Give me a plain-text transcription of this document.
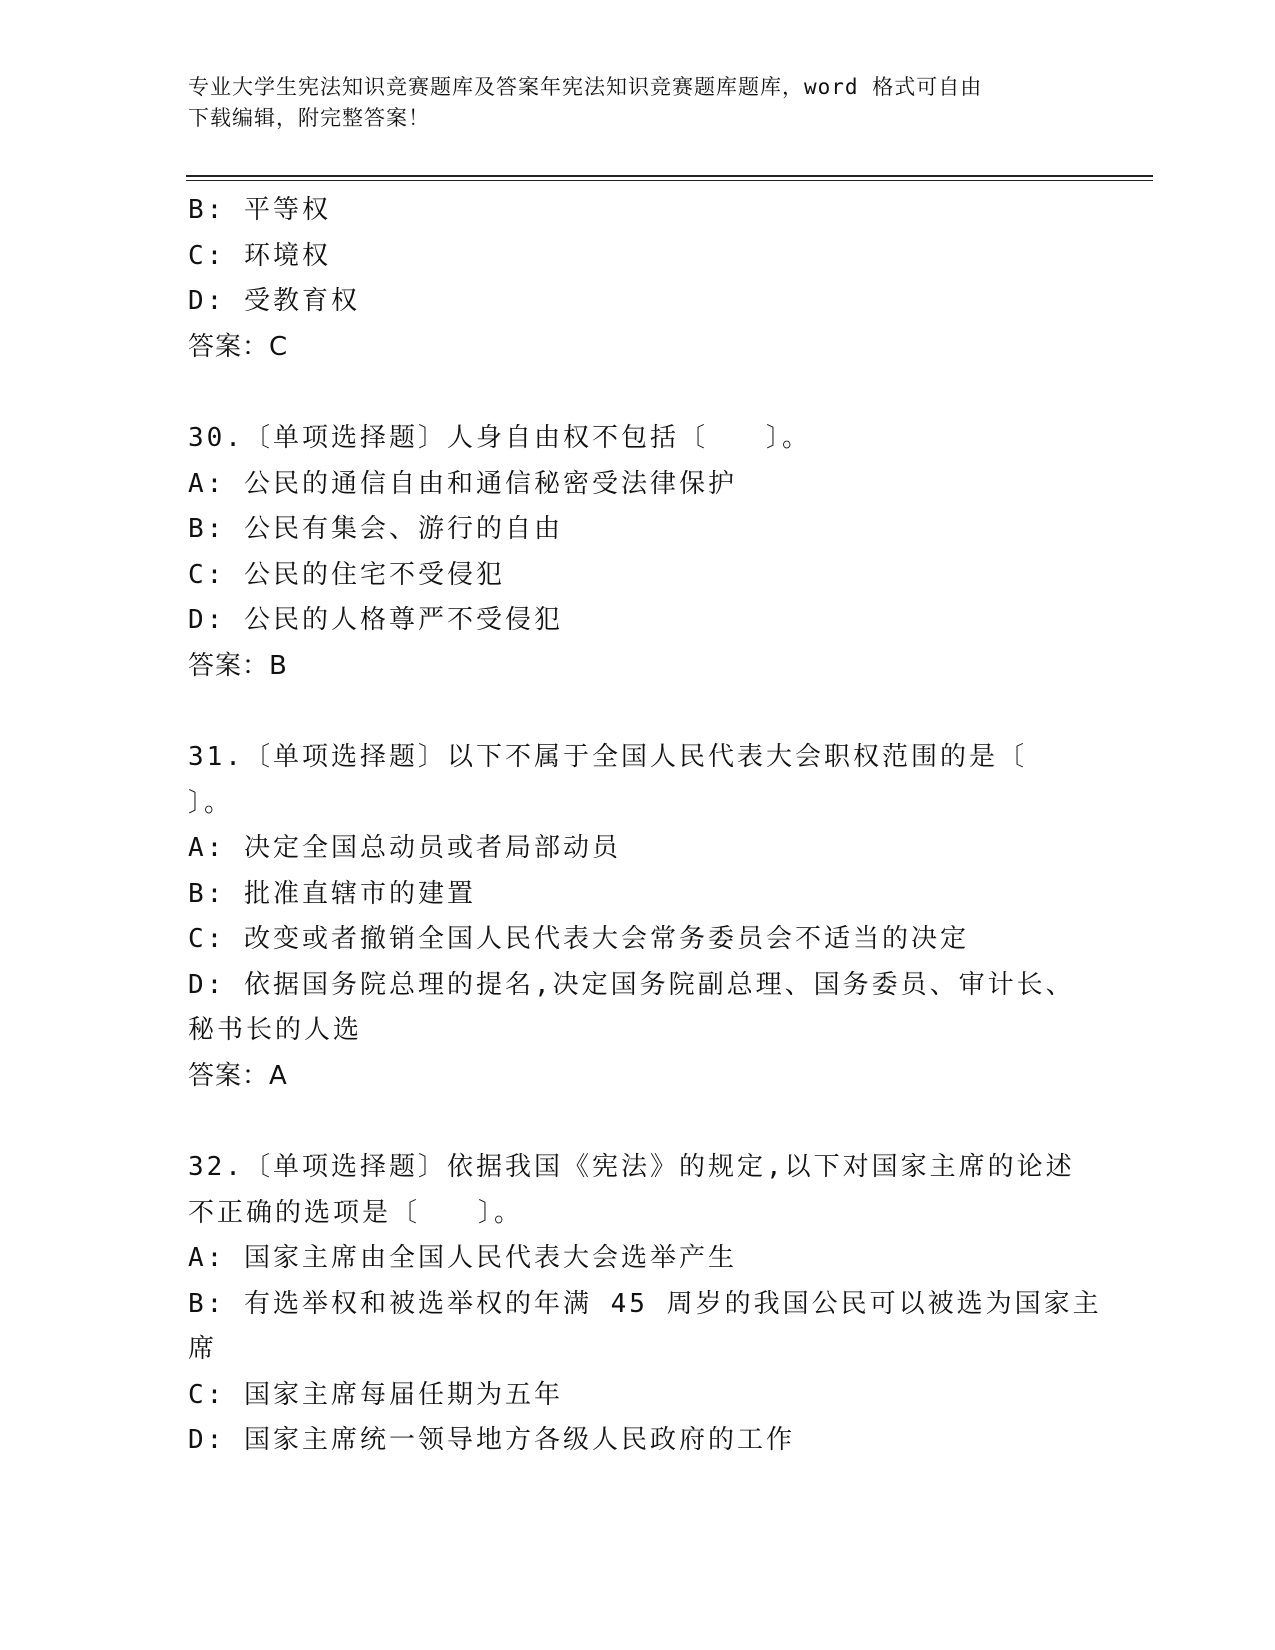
专业大学生宪法知识竞赛题库及答案年宪法知识竞赛题库题库，word 格式可自由
下载编辑，附完整答案！
B: 平等权
C: 环境权
D: 受教育权
答案：C
30.〔单项选择题〕人身自由权不包括〔　　〕。
A: 公民的通信自由和通信秘密受法律保护
B: 公民有集会、游行的自由
C: 公民的住宅不受侵犯
D: 公民的人格尊严不受侵犯
答案：B
31.〔单项选择题〕以下不属于全国人民代表大会职权范围的是〔
〕。
A: 决定全国总动员或者局部动员
B: 批准直辖市的建置
C: 改变或者撤销全国人民代表大会常务委员会不适当的决定
D: 依据国务院总理的提名,决定国务院副总理、国务委员、审计长、
秘书长的人选
答案：A
32.〔单项选择题〕依据我国《宪法》的规定,以下对国家主席的论述
不正确的选项是〔　　〕。
A: 国家主席由全国人民代表大会选举产生
B: 有选举权和被选举权的年满 45 周岁的我国公民可以被选为国家主
席
C: 国家主席每届任期为五年
D: 国家主席统一领导地方各级人民政府的工作
